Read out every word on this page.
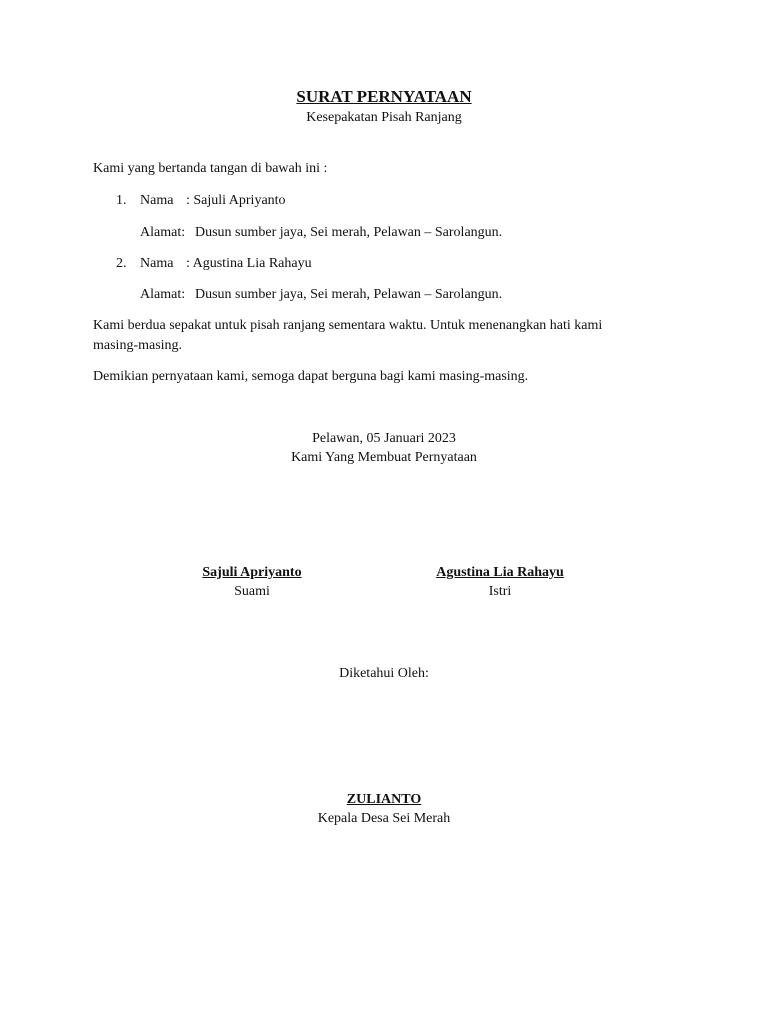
SURAT PERNYATAAN
Kesepakatan Pisah Ranjang
Kami yang bertanda tangan di bawah ini :
1. Nama : Sajuli Apriyanto
Alamat: Dusun sumber jaya, Sei merah, Pelawan – Sarolangun.
2. Nama : Agustina Lia Rahayu
Alamat: Dusun sumber jaya, Sei merah, Pelawan – Sarolangun.
Kami berdua sepakat untuk pisah ranjang sementara waktu. Untuk menenangkan hati kami
masing-masing.
Demikian pernyataan kami, semoga dapat berguna bagi kami masing-masing.
Pelawan, 05 Januari 2023
Kami Yang Membuat Pernyataan
Sajuli Apriyanto
Suami
Agustina Lia Rahayu
Istri
Diketahui Oleh:
ZULIANTO
Kepala Desa Sei Merah
